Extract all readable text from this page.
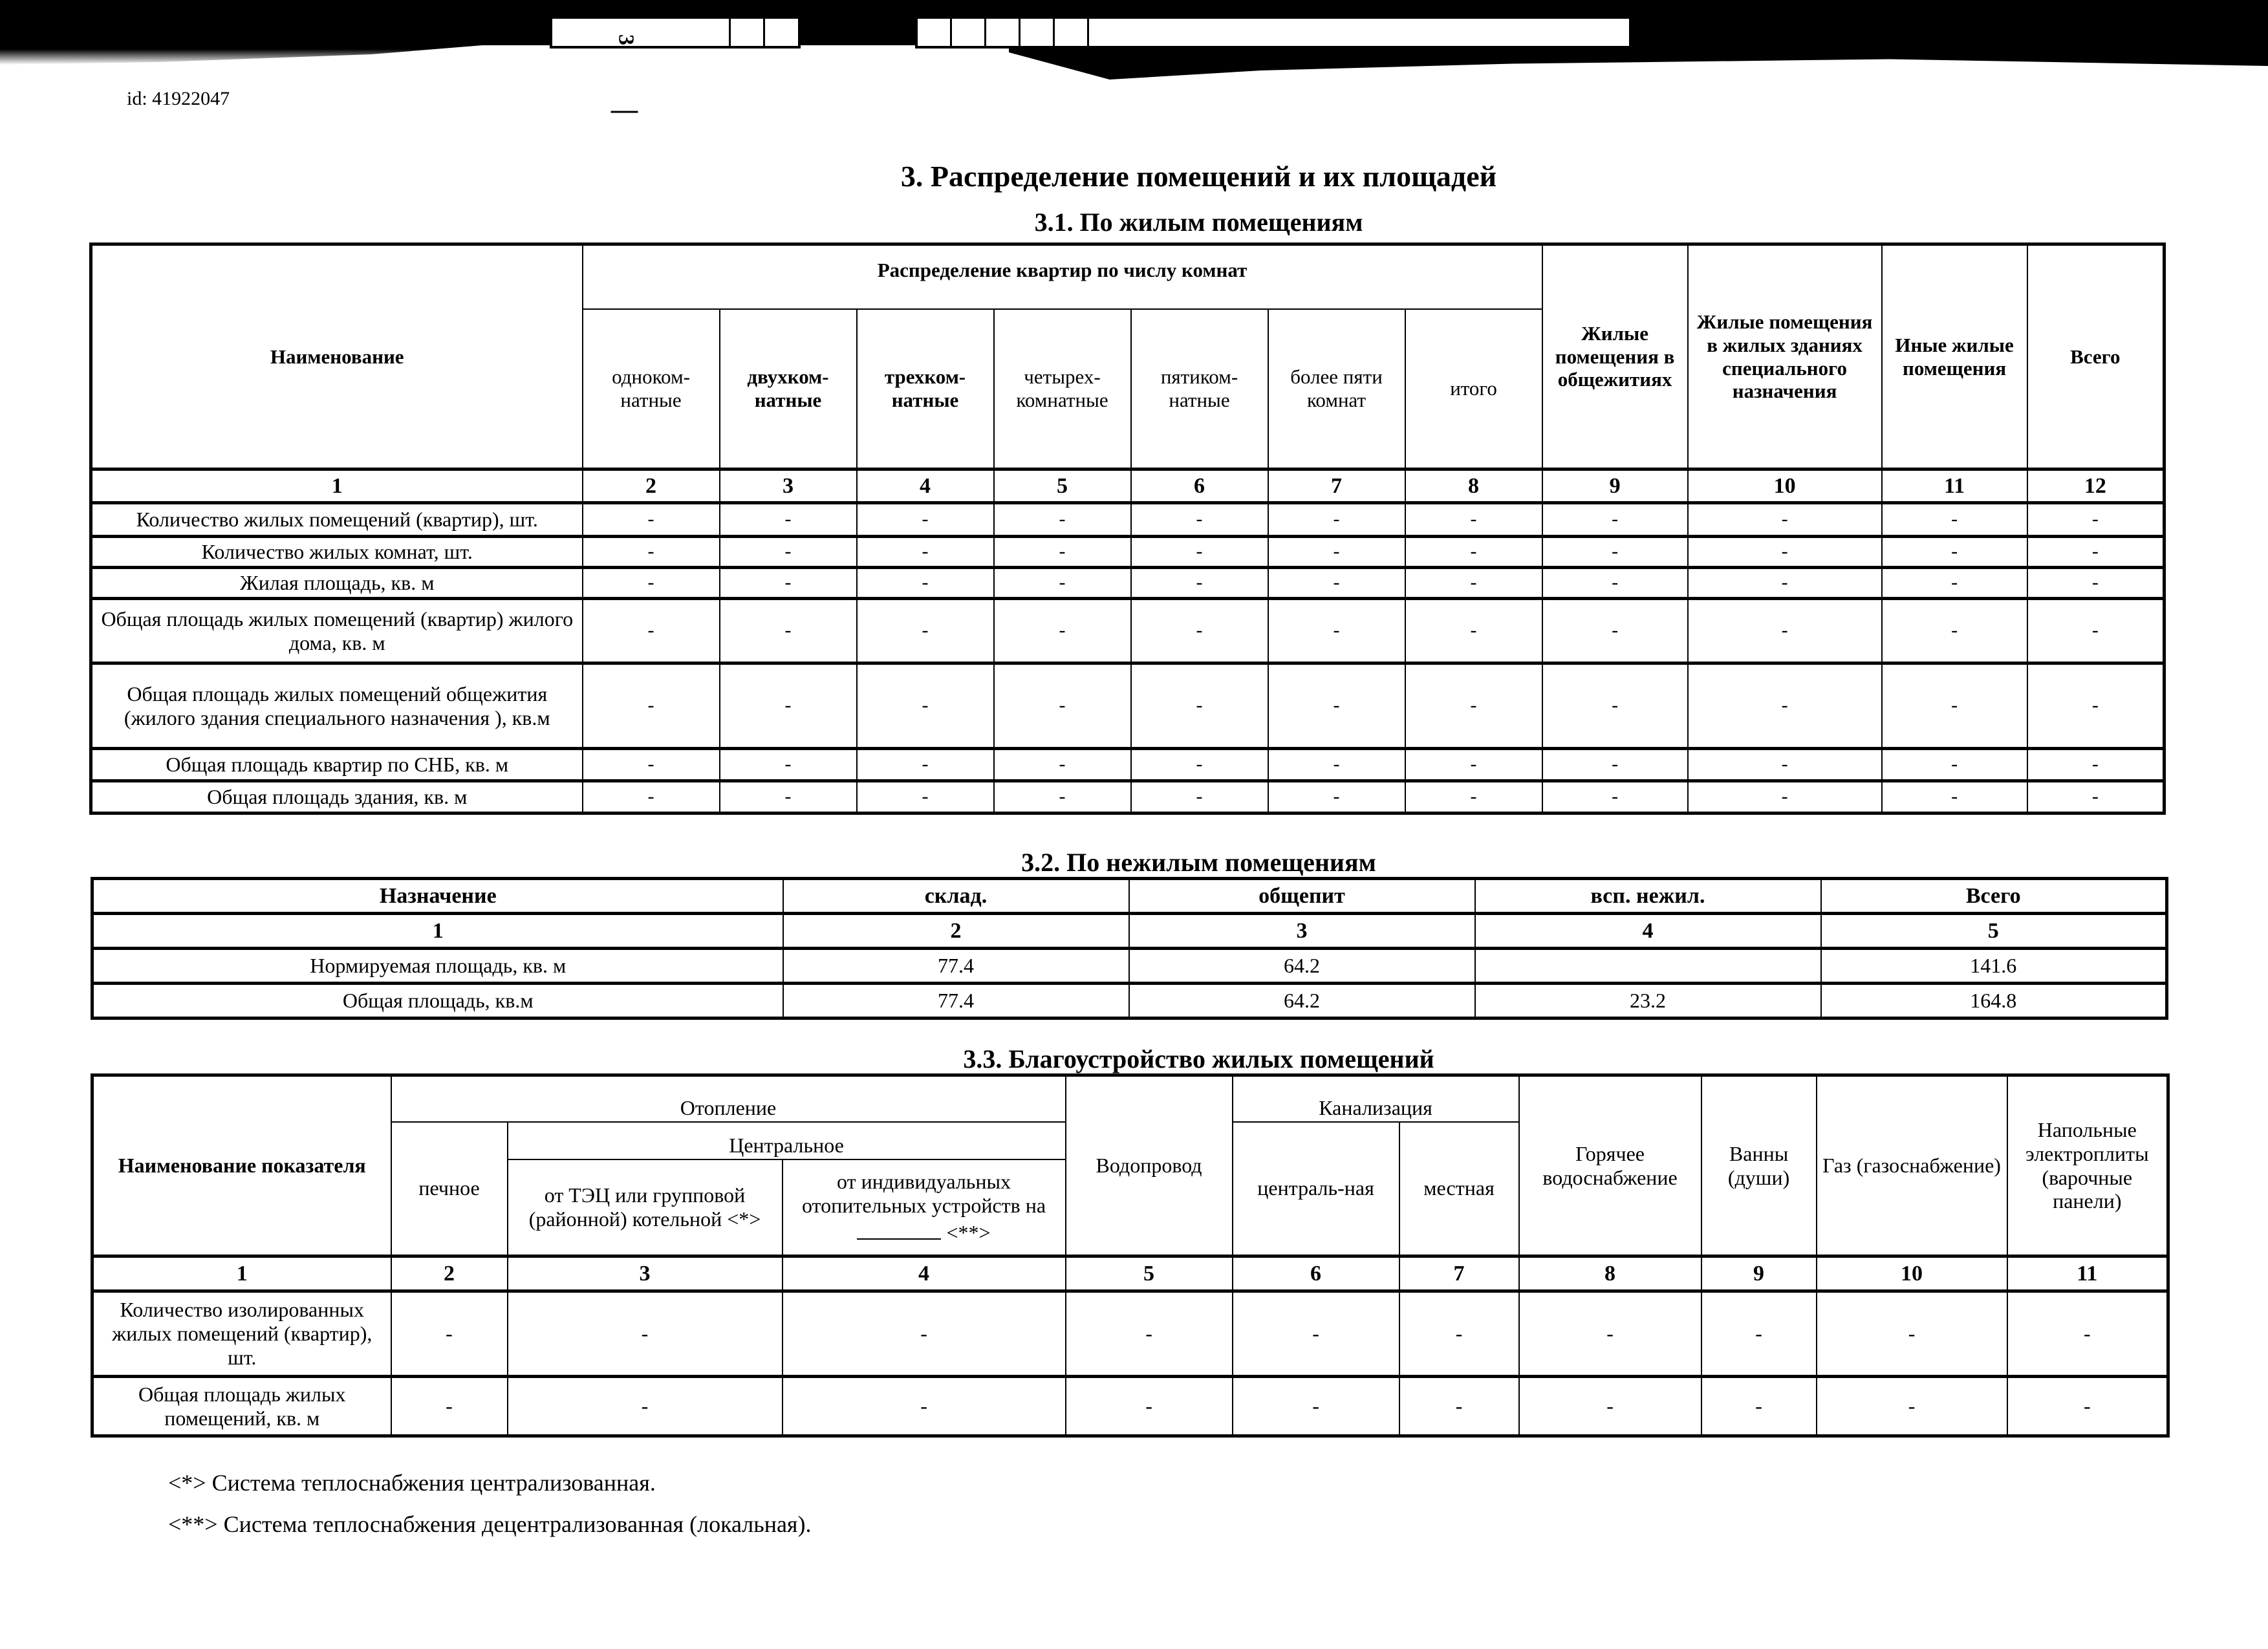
3
id: 41922047
3. Распределение помещений и их площадей
3.1. По жилым помещениям
Наименование	Распределение квартир по числу комнат							Жилые помещения в общежитиях	Жилые помещения в жилых зданиях специального назначения	Иные жилые помещения	Всего
	одноком-натные	двухком-натные	трехком-натные	четырех-комнатные	пятиком-натные	более пяти комнат	итого				
1	2	3	4	5	6	7	8	9	10	11	12
Количество жилых помещений (квартир), шт.	-	-	-	-	-	-	-	-	-	-	-
Количество жилых комнат, шт.	-	-	-	-	-	-	-	-	-	-	-
Жилая площадь, кв. м	-	-	-	-	-	-	-	-	-	-	-
Общая площадь жилых помещений (квартир) жилого дома, кв. м	-	-	-	-	-	-	-	-	-	-	-
Общая площадь жилых помещений общежития (жилого здания специального назначения ), кв.м	-	-	-	-	-	-	-	-	-	-	-
Общая площадь квартир по СНБ, кв. м	-	-	-	-	-	-	-	-	-	-	-
Общая площадь здания, кв. м	-	-	-	-	-	-	-	-	-	-	-
3.2. По нежилым помещениям
Назначение	склад.	общепит	всп. нежил.	Всего
1	2	3	4	5
Нормируемая площадь, кв. м	77.4	64.2		141.6
Общая площадь, кв.м	77.4	64.2	23.2	164.8
3.3. Благоустройство жилых помещений
Наименование показателя	Отопление			Водопровод	Канализация		Горячее водоснабжение	Ванны (души)	Газ (газоснабжение)	Напольные электроплиты (варочные панели)
	печное	Центральное			централь-ная	местная				
		от ТЭЦ или групповой (районной) котельной <*>	от индивидуальных отопительных устройств на  <**>							
1	2	3	4	5	6	7	8	9	10	11
Количество изолированных жилых помещений (квартир), шт.	-	-	-	-	-	-	-	-	-	-
Общая площадь жилых помещений, кв. м	-	-	-	-	-	-	-	-	-	-
<*> Система теплоснабжения централизованная.
<**> Система теплоснабжения децентрализованная (локальная).
